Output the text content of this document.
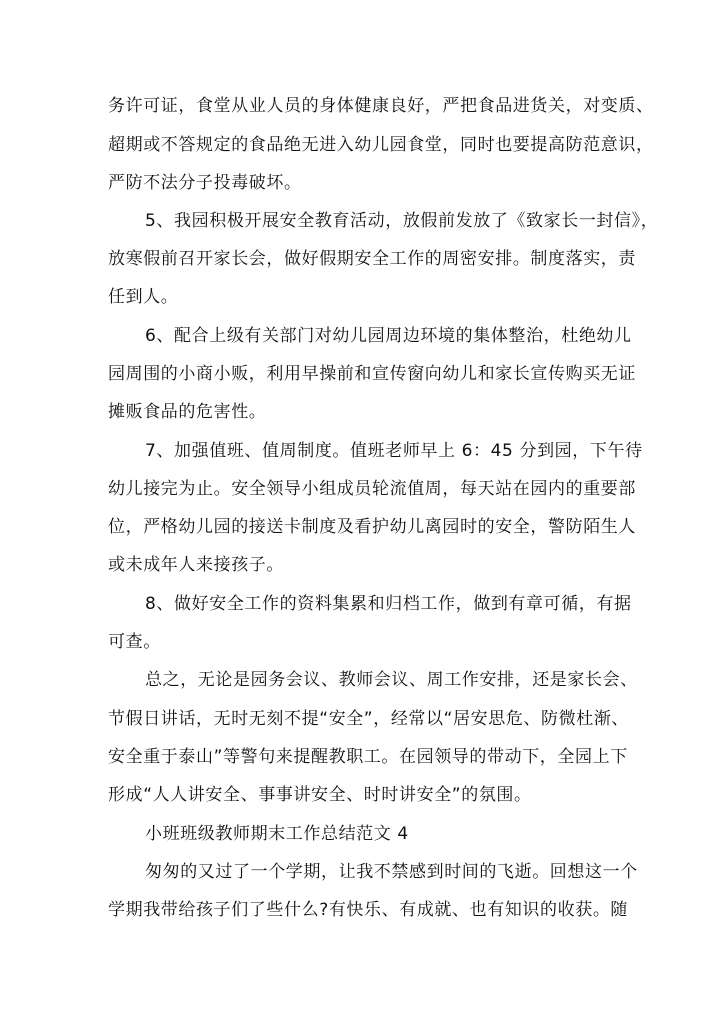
务许可证，食堂从业人员的身体健康良好，严把食品进货关，对变质、
超期或不答规定的食品绝无进入幼儿园食堂，同时也要提高防范意识，
严防不法分子投毒破坏。
5、我园积极开展安全教育活动，放假前发放了《致家长一封信》，
放寒假前召开家长会，做好假期安全工作的周密安排。制度落实，责
任到人。
6、配合上级有关部门对幼儿园周边环境的集体整治，杜绝幼儿
园周围的小商小贩，利用早操前和宣传窗向幼儿和家长宣传购买无证
摊贩食品的危害性。
7、加强值班、值周制度。值班老师早上 6：45 分到园，下午待
幼儿接完为止。安全领导小组成员轮流值周，每天站在园内的重要部
位，严格幼儿园的接送卡制度及看护幼儿离园时的安全，警防陌生人
或未成年人来接孩子。
8、做好安全工作的资料集累和归档工作，做到有章可循，有据
可查。
总之，无论是园务会议、教师会议、周工作安排，还是家长会、
节假日讲话，无时无刻不提“安全”，经常以“居安思危、防微杜渐、
安全重于泰山”等警句来提醒教职工。在园领导的带动下，全园上下
形成“人人讲安全、事事讲安全、时时讲安全”的氛围。
小班班级教师期末工作总结范文 4
匆匆的又过了一个学期，让我不禁感到时间的飞逝。回想这一个
学期我带给孩子们了些什么?有快乐、有成就、也有知识的收获。随
